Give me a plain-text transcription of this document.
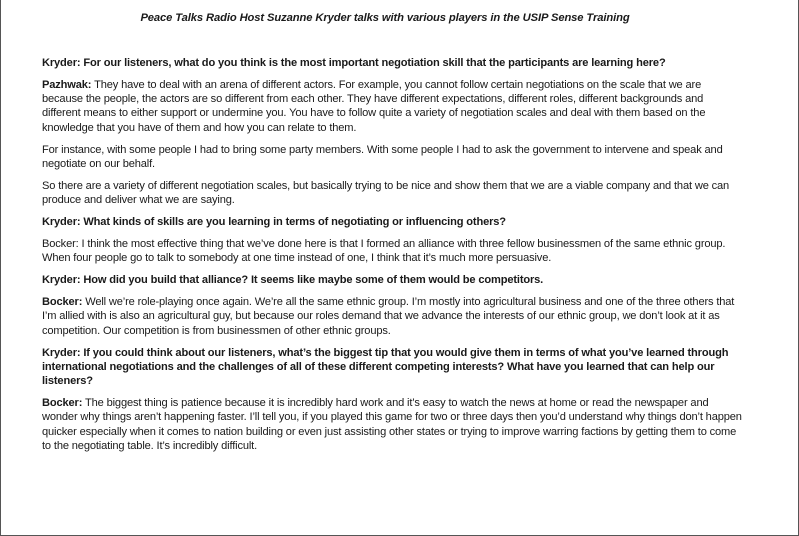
Peace Talks Radio Host Suzanne Kryder talks with various players in the USIP Sense Training

Kryder: For our listeners, what do you think is the most important negotiation skill that the participants are learning here?

Pazhwak: They have to deal with an arena of different actors. For example, you cannot follow certain negotiations on the scale that we are because the people, the actors are so different from each other. They have different expectations, different roles, different backgrounds and different means to either support or undermine you. You have to follow quite a variety of negotiation scales and deal with them based on the knowledge that you have of them and how you can relate to them.

For instance, with some people I had to bring some party members. With some people I had to ask the government to intervene and speak and negotiate on our behalf.

So there are a variety of different negotiation scales, but basically trying to be nice and show them that we are a viable company and that we can produce and deliver what we are saying.

Kryder: What kinds of skills are you learning in terms of negotiating or influencing others?

Bocker: I think the most effective thing that we’ve done here is that I formed an alliance with three fellow businessmen of the same ethnic group. When four people go to talk to somebody at one time instead of one, I think that it’s much more persuasive.

Kryder: How did you build that alliance? It seems like maybe some of them would be competitors.

Bocker: Well we’re role-playing once again. We’re all the same ethnic group. I’m mostly into agricultural business and one of the three others that I’m allied with is also an agricultural guy, but because our roles demand that we advance the interests of our ethnic group, we don’t look at it as competition. Our competition is from businessmen of other ethnic groups.

Kryder: If you could think about our listeners, what’s the biggest tip that you would give them in terms of what you’ve learned through international negotiations and the challenges of all of these different competing interests? What have you learned that can help our listeners?

Bocker: The biggest thing is patience because it is incredibly hard work and it’s easy to watch the news at home or read the newspaper and wonder why things aren’t happening faster. I’ll tell you, if you played this game for two or three days then you’d understand why things don’t happen quicker especially when it comes to nation building or even just assisting other states or trying to improve warring factions by getting them to come to the negotiating table. It’s incredibly difficult.
